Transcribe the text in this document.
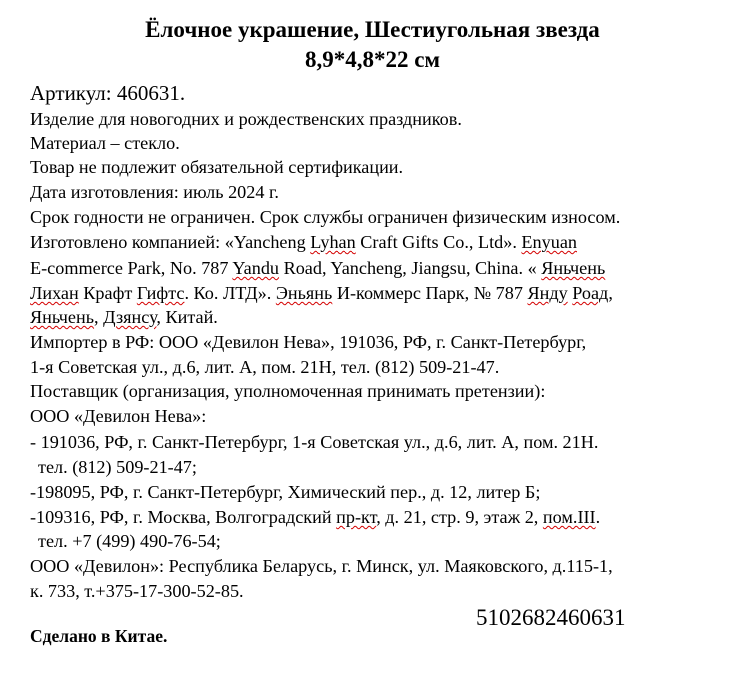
Ёлочное украшение, Шестиугольная звезда
8,9*4,8*22 см
Артикул: 460631.
Изделие для новогодних и рождественских праздников.
Материал – стекло.
Товар не подлежит обязательной сертификации.
Дата изготовления: июль 2024 г.
Срок годности не ограничен. Срок службы ограничен физическим износом.
Изготовлено компанией: «Yancheng Lyhan Craft Gifts Co., Ltd». Enyuan
E-commerce Park, No. 787 Yandu Road, Yancheng, Jiangsu, China. « Яньчень
Лихан Крафт Гифтс. Ко. ЛТД». Эньянь И-коммерс Парк, № 787 Янду Роад,
Яньчень, Дзянсу, Китай.
Импортер в РФ: ООО «Девилон Нева», 191036, РФ, г. Санкт-Петербург,
1-я Советская ул., д.6, лит. А, пом. 21Н, тел. (812) 509-21-47.
Поставщик (организация, уполномоченная принимать претензии):
ООО «Девилон Нева»:
- 191036, РФ, г. Санкт-Петербург, 1-я Советская ул., д.6, лит. А, пом. 21Н.
тел. (812) 509-21-47;
-198095, РФ, г. Санкт-Петербург, Химический пер., д. 12, литер Б;
-109316, РФ, г. Москва, Волгоградский пр-кт, д. 21, стр. 9, этаж 2, пом.III.
тел. +7 (499) 490-76-54;
ООО «Девилон»: Республика Беларусь, г. Минск, ул. Маяковского, д.115-1,
к. 733, т.+375-17-300-52-85.
5102682460631
Сделано в Китае.
